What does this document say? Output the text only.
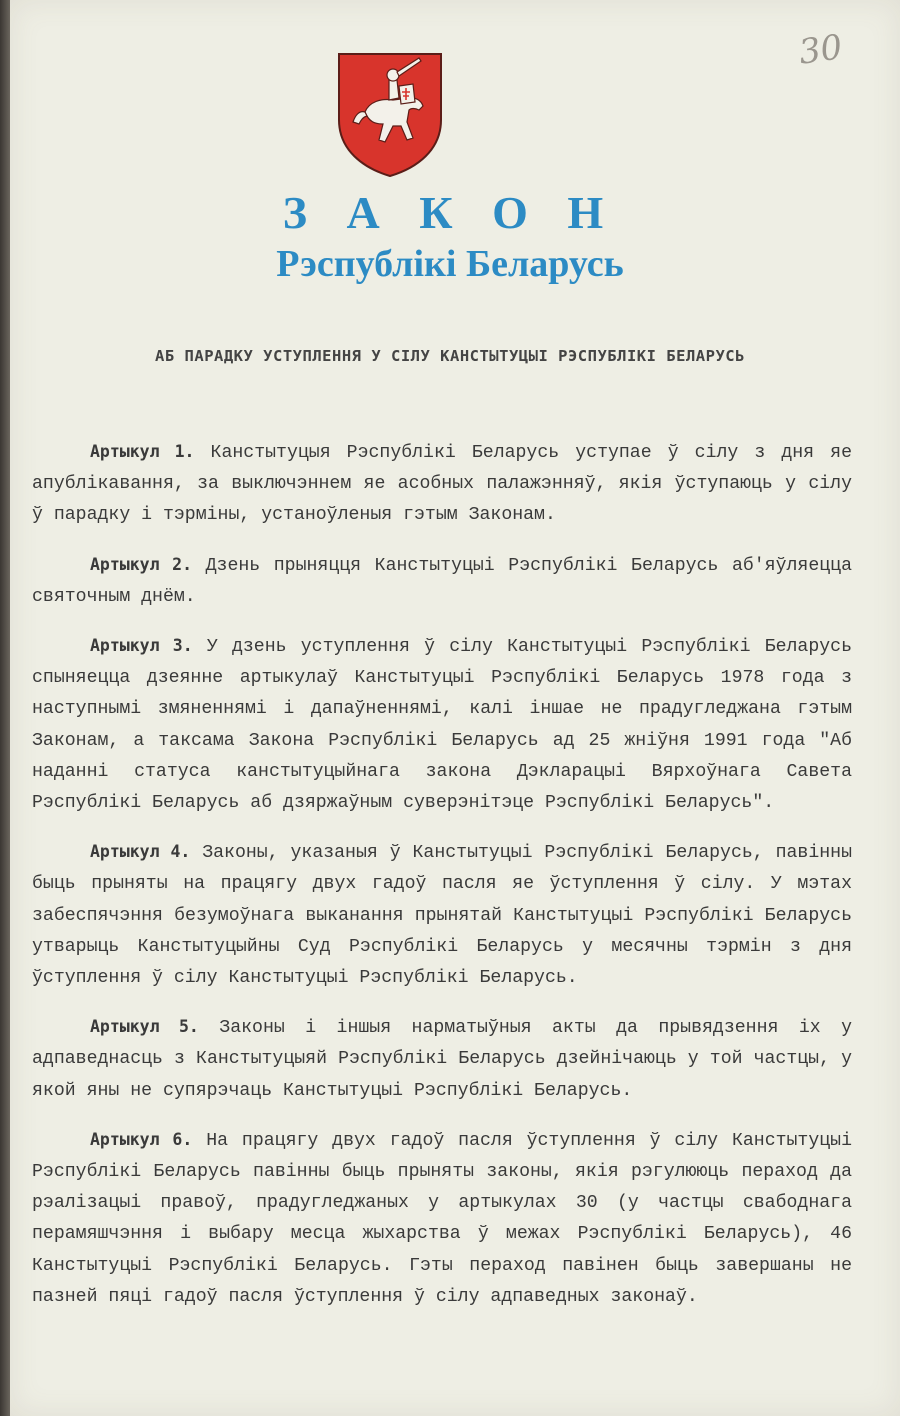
30
З А К О Н
Рэспублікі Беларусь
АБ ПАРАДКУ УСТУПЛЕННЯ У СІЛУ КАНСТЫТУЦЫІ РЭСПУБЛІКІ БЕЛАРУСЬ

Артыкул 1. Канстытуцыя Рэспублікі Беларусь уступае ў сілу з дня яе апублікавання, за выключэннем яе асобных палажэнняў, якія ўступаюць у сілу ў парадку і тэрміны, устаноўленыя гэтым Законам.

Артыкул 2. Дзень прыняцця Канстытуцыі Рэспублікі Беларусь аб'яўляецца святочным днём.

Артыкул 3. У дзень уступлення ў сілу Канстытуцыі Рэспублікі Беларусь спыняецца дзеянне артыкулаў Канстытуцыі Рэспублікі Беларусь 1978 года з наступнымі змяненнямі і дапаўненнямі, калі іншае не прадугледжана гэтым Законам, а таксама Закона Рэспублікі Беларусь ад 25 жніўня 1991 года "Аб наданні статуса канстытуцыйнага закона Дэкларацыі Вярхоўнага Савета Рэспублікі Беларусь аб дзяржаўным суверэнітэце Рэспублікі Беларусь".

Артыкул 4. Законы, указаныя ў Канстытуцыі Рэспублікі Беларусь, павінны быць прыняты на працягу двух гадоў пасля яе ўступлення ў сілу. У мэтах забеспячэння безумоўнага выканання прынятай Канстытуцыі Рэспублікі Беларусь утварыць Канстытуцыйны Суд Рэспублікі Беларусь у месячны тэрмін з дня ўступлення ў сілу Канстытуцыі Рэспублікі Беларусь.

Артыкул 5. Законы і іншыя нарматыўныя акты да прывядзення іх у адпаведнасць з Канстытуцыяй Рэспублікі Беларусь дзейнічаюць у той частцы, у якой яны не супярэчаць Канстытуцыі Рэспублікі Беларусь.

Артыкул 6. На працягу двух гадоў пасля ўступлення ў сілу Канстытуцыі Рэспублікі Беларусь павінны быць прыняты законы, якія рэгулююць пераход да рэалізацыі правоў, прадугледжаных у артыкулах 30 (у частцы свабоднага перамяшчэння і выбару месца жыхарства ў межах Рэспублікі Беларусь), 46 Канстытуцыі Рэспублікі Беларусь. Гэты пераход павінен быць завершаны не пазней пяці гадоў пасля ўступлення ў сілу адпаведных законаў.
